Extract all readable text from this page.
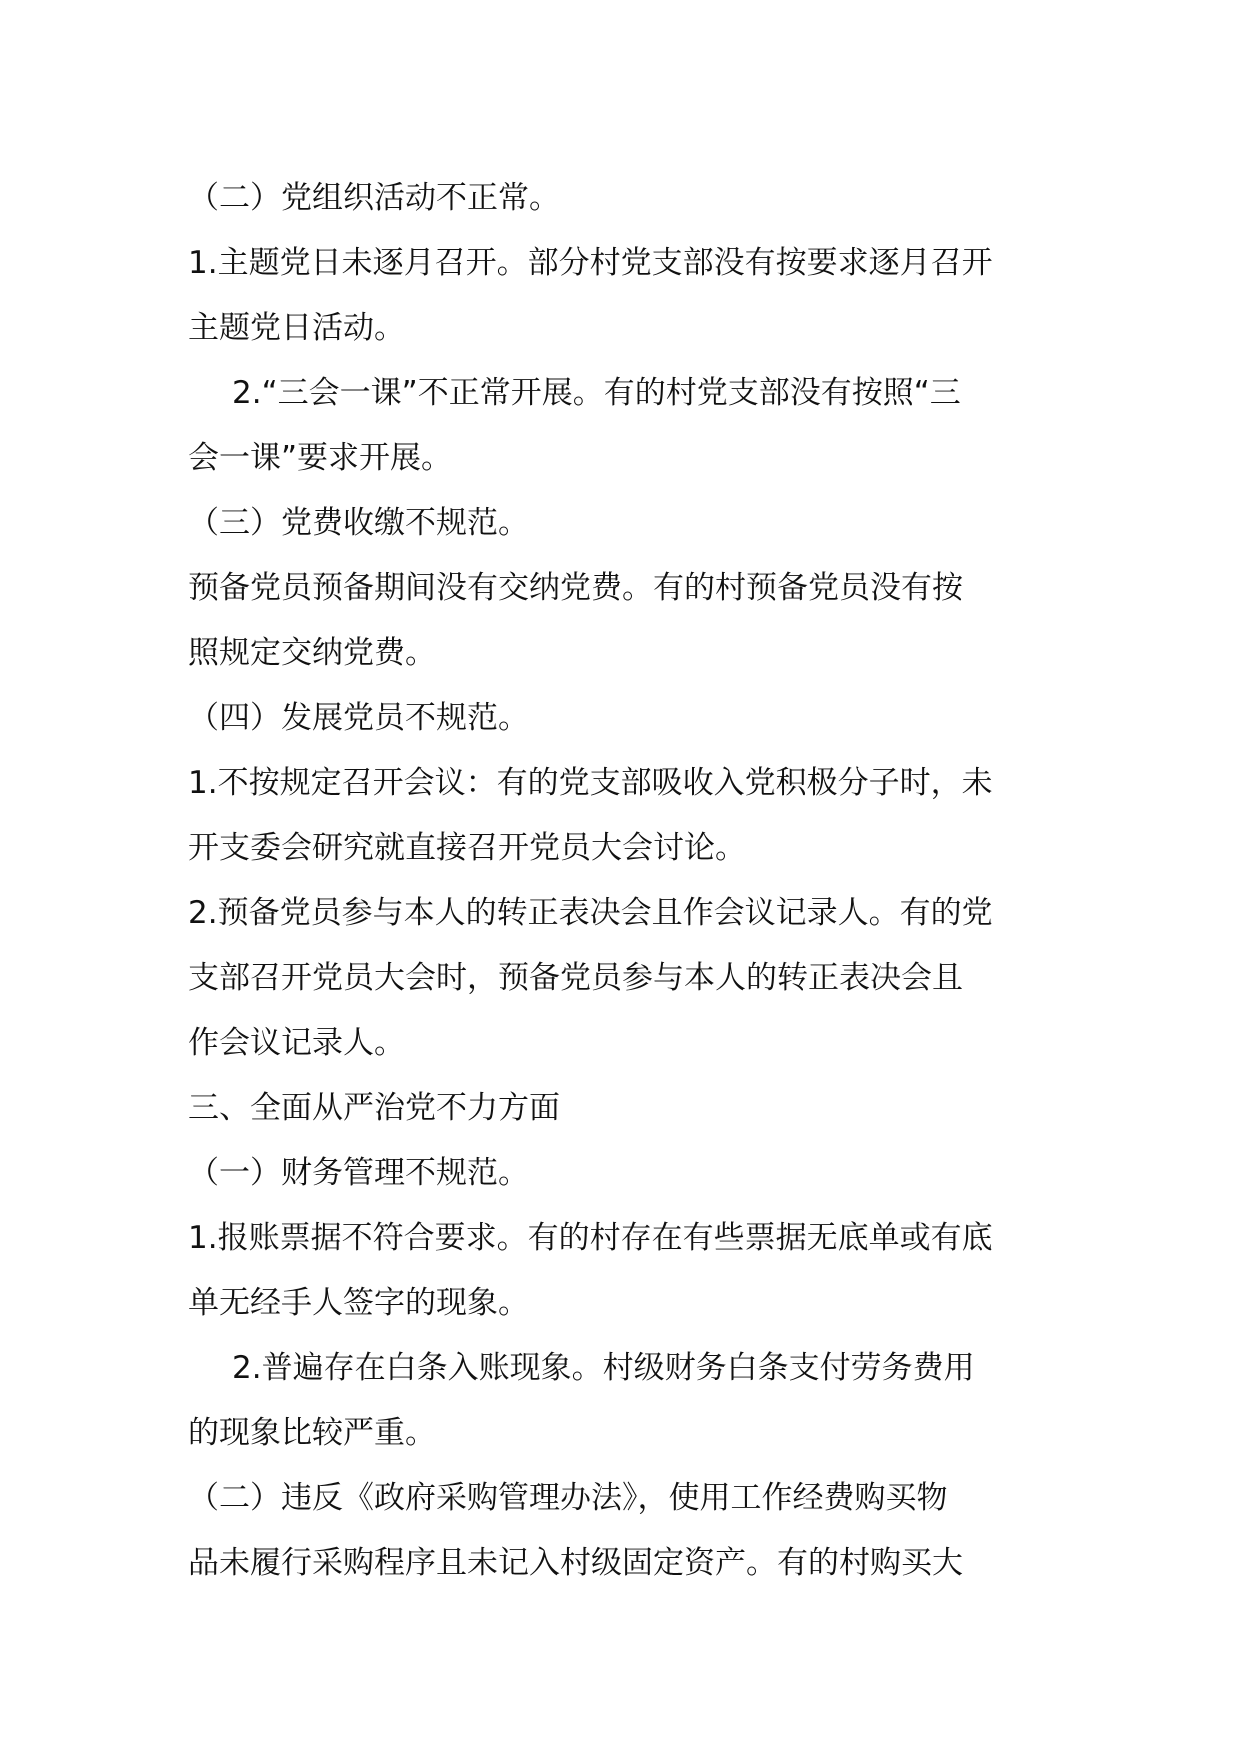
（二）党组织活动不正常。
1.主题党日未逐月召开。部分村党支部没有按要求逐月召开
主题党日活动。
2.“三会一课”不正常开展。有的村党支部没有按照“三
会一课”要求开展。
（三）党费收缴不规范。
预备党员预备期间没有交纳党费。有的村预备党员没有按
照规定交纳党费。
（四）发展党员不规范。
1.不按规定召开会议：有的党支部吸收入党积极分子时，未
开支委会研究就直接召开党员大会讨论。
2.预备党员参与本人的转正表决会且作会议记录人。有的党
支部召开党员大会时，预备党员参与本人的转正表决会且
作会议记录人。
三、全面从严治党不力方面
（一）财务管理不规范。
1.报账票据不符合要求。有的村存在有些票据无底单或有底
单无经手人签字的现象。
2.普遍存在白条入账现象。村级财务白条支付劳务费用
的现象比较严重。
（二）违反《政府采购管理办法》，使用工作经费购买物
品未履行采购程序且未记入村级固定资产。有的村购买大
